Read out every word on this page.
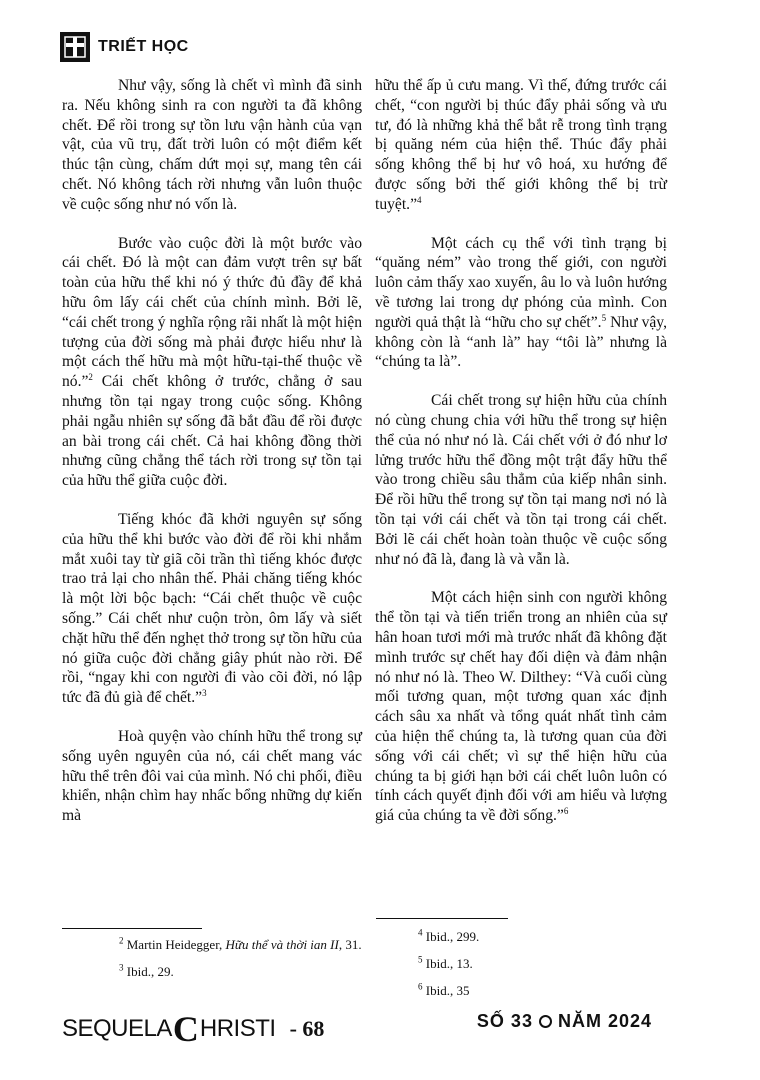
TRIẾT HỌC

Như vậy, sống là chết vì mình đã sinh ra. Nếu không sinh ra con người ta đã không chết. Để rồi trong sự tồn lưu vận hành của vạn vật, của vũ trụ, đất trời luôn có một điểm kết thúc tận cùng, chấm dứt mọi sự, mang tên cái chết. Nó không tách rời nhưng vẫn luôn thuộc về cuộc sống như nó vốn là.

Bước vào cuộc đời là một bước vào cái chết. Đó là một can đảm vượt trên sự bất toàn của hữu thể khi nó ý thức đủ đầy để khả hữu ôm lấy cái chết của chính mình. Bởi lẽ, “cái chết trong ý nghĩa rộng rãi nhất là một hiện tượng của đời sống mà phải được hiểu như là một cách thế hữu mà một hữu-tại-thế thuộc về nó.”$^2$ Cái chết không ở trước, chẳng ở sau nhưng tồn tại ngay trong cuộc sống. Không phải ngẫu nhiên sự sống đã bắt đầu để rồi được an bài trong cái chết. Cả hai không đồng thời nhưng cũng chẳng thể tách rời trong sự tồn tại của hữu thể giữa cuộc đời.

Tiếng khóc đã khởi nguyên sự sống của hữu thể khi bước vào đời để rồi khi nhắm mắt xuôi tay từ giã cõi trần thì tiếng khóc được trao trả lại cho nhân thế. Phải chăng tiếng khóc là một lời bộc bạch: “Cái chết thuộc về cuộc sống.” Cái chết như cuộn tròn, ôm lấy và siết chặt hữu thể đến nghẹt thở trong sự tồn hữu của nó giữa cuộc đời chẳng giây phút nào rời. Để rồi, “ngay khi con người đi vào cõi đời, nó lập tức đã đủ già để chết.”$^3$

Hoà quyện vào chính hữu thể trong sự sống uyên nguyên của nó, cái chết mang vác hữu thể trên đôi vai của mình. Nó chi phối, điều khiển, nhận chìm hay nhấc bổng những dự kiến mà

hữu thể ấp ủ cưu mang. Vì thế, đứng trước cái chết, “con người bị thúc đẩy phải sống và ưu tư, đó là những khả thể bắt rễ trong tình trạng bị quăng ném của hiện thể. Thúc đẩy phải sống không thể bị hư vô hoá, xu hướng để được sống bởi thế giới không thể bị trừ tuyệt.”$^4$

Một cách cụ thể với tình trạng bị “quăng ném” vào trong thế giới, con người luôn cảm thấy xao xuyến, âu lo và luôn hướng về tương lai trong dự phóng của mình. Con người quả thật là “hữu cho sự chết”.$^5$ Như vậy, không còn là “anh là” hay “tôi là” nhưng là “chúng ta là”.

Cái chết trong sự hiện hữu của chính nó cùng chung chia với hữu thể trong sự hiện thể của nó như nó là. Cái chết với ở đó như lơ lửng trước hữu thể đồng một trật đẩy hữu thể vào trong chiều sâu thẳm của kiếp nhân sinh. Để rồi hữu thể trong sự tồn tại mang nơi nó là tồn tại với cái chết và tồn tại trong cái chết. Bởi lẽ cái chết hoàn toàn thuộc về cuộc sống như nó đã là, đang là và vẫn là.

Một cách hiện sinh con người không thể tồn tại và tiến triển trong an nhiên của sự hân hoan tươi mới mà trước nhất đã không đặt mình trước sự chết hay đối diện và đảm nhận nó như nó là. Theo W. Dilthey: “Và cuối cùng mối tương quan, một tương quan xác định cách sâu xa nhất và tổng quát nhất tình cảm của hiện thể chúng ta, là tương quan của đời sống với cái chết; vì sự thể hiện hữu của chúng ta bị giới hạn bởi cái chết luôn luôn có tính cách quyết định đối với am hiểu và lượng giá của chúng ta về đời sống.”$^6$

$^2$ Martin Heidegger, Hữu thể và thời ian II, 31.
$^3$ Ibid., 29.
$^4$ Ibid., 299.
$^5$ Ibid., 13.
$^6$ Ibid., 35
SEQUELA C HRISTI - 68	SỐ 33 NĂM 2024
